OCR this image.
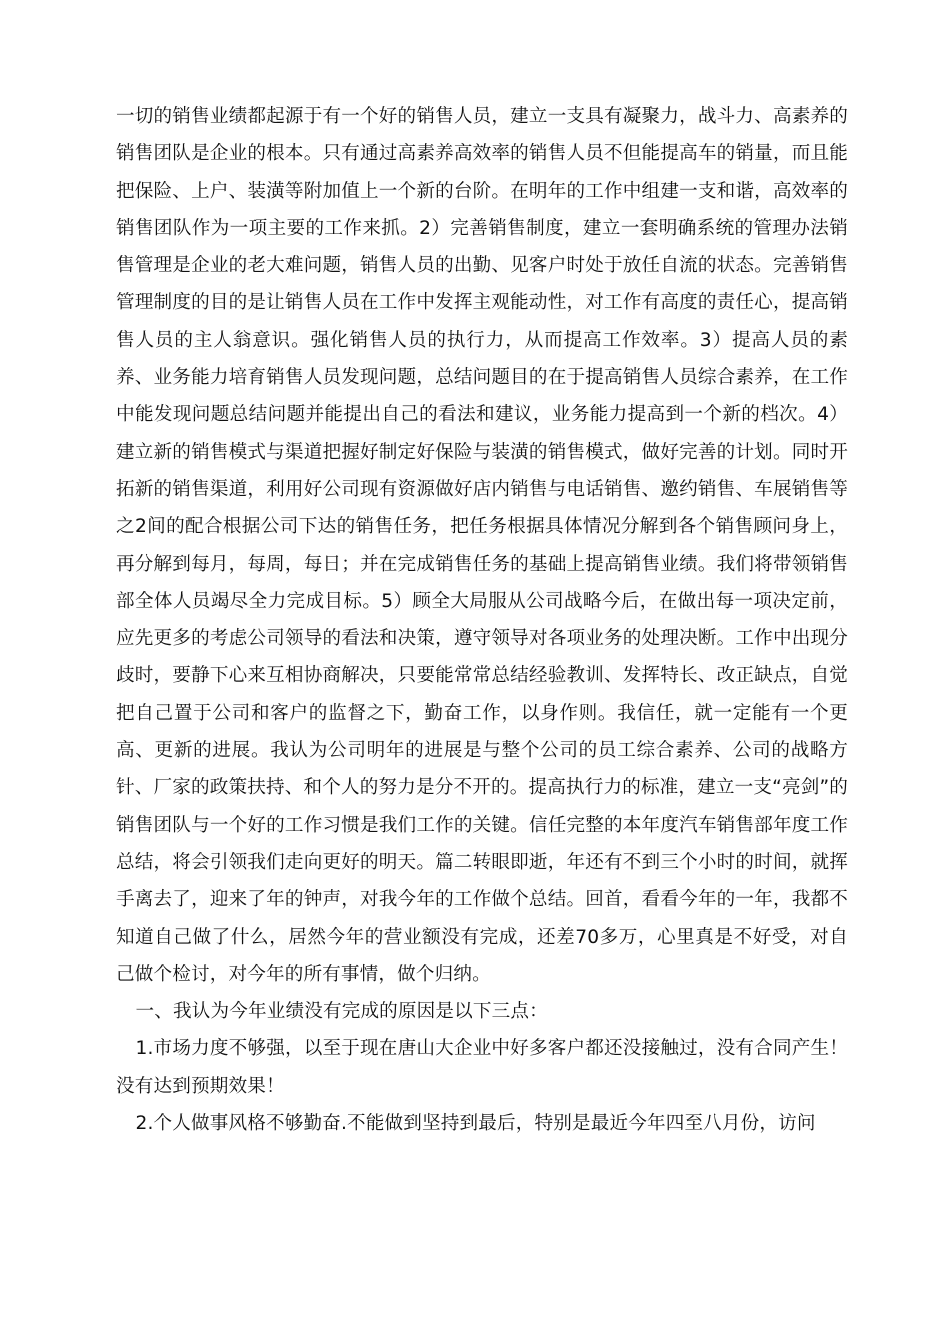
一切的销售业绩都起源于有一个好的销售人员，建立一支具有凝聚力，战斗力、高素养的销售团队是企业的根本。只有通过高素养高效率的销售人员不但能提高车的销量，而且能把保险、上户、装潢等附加值上一个新的台阶。在明年的工作中组建一支和谐，高效率的销售团队作为一项主要的工作来抓。2）完善销售制度，建立一套明确系统的管理办法销售管理是企业的老大难问题，销售人员的出勤、见客户时处于放任自流的状态。完善销售管理制度的目的是让销售人员在工作中发挥主观能动性，对工作有高度的责任心，提高销售人员的主人翁意识。强化销售人员的执行力，从而提高工作效率。3）提高人员的素养、业务能力培育销售人员发现问题，总结问题目的在于提高销售人员综合素养，在工作中能发现问题总结问题并能提出自己的看法和建议，业务能力提高到一个新的档次。4）建立新的销售模式与渠道把握好制定好保险与装潢的销售模式，做好完善的计划。同时开拓新的销售渠道，利用好公司现有资源做好店内销售与电话销售、邀约销售、车展销售等之2间的配合根据公司下达的销售任务，把任务根据具体情况分解到各个销售顾问身上，再分解到每月，每周，每日；并在完成销售任务的基础上提高销售业绩。我们将带领销售部全体人员竭尽全力完成目标。5）顾全大局服从公司战略今后，在做出每一项决定前，应先更多的考虑公司领导的看法和决策，遵守领导对各项业务的处理决断。工作中出现分歧时，要静下心来互相协商解决，只要能常常总结经验教训、发挥特长、改正缺点，自觉把自己置于公司和客户的监督之下，勤奋工作，以身作则。我信任，就一定能有一个更高、更新的进展。我认为公司明年的进展是与整个公司的员工综合素养、公司的战略方针、厂家的政策扶持、和个人的努力是分不开的。提高执行力的标准，建立一支“亮剑”的销售团队与一个好的工作习惯是我们工作的关键。信任完整的本年度汽车销售部年度工作总结，将会引领我们走向更好的明天。篇二转眼即逝，年还有不到三个小时的时间，就挥手离去了，迎来了年的钟声，对我今年的工作做个总结。回首，看看今年的一年，我都不知道自己做了什么，居然今年的营业额没有完成，还差70多万，心里真是不好受，对自己做个检讨，对今年的所有事情，做个归纳。

一、我认为今年业绩没有完成的原因是以下三点：

1.市场力度不够强，以至于现在唐山大企业中好多客户都还没接触过，没有合同产生！没有达到预期效果！

2.个人做事风格不够勤奋.不能做到坚持到最后，特别是最近今年四至八月份，访问
